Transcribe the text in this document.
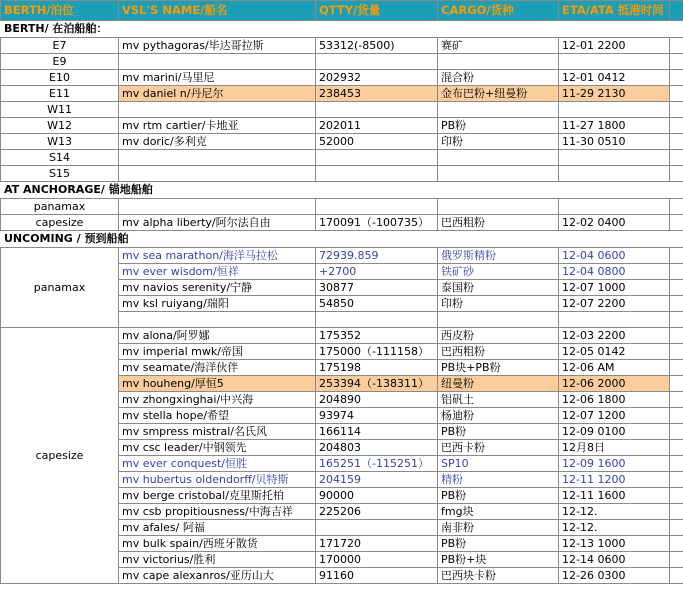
BERTH/泊位	VSL'S NAME/船名	QTTY/货量	CARGO/货种	ETA/ATA 抵港时间	
BERTH/ 在泊船舶：					
E7	mv pythagoras/毕达哥拉斯	53312(-8500)	赛矿	12-01 2200	
E9					
E10	mv marini/马里尼	202932	混合粉	12-01 0412	
E11	mv daniel n/丹尼尔	238453	金布巴粉+纽曼粉	11-29 2130	
W11					
W12	mv rtm cartier/卡地亚	202011	PB粉	11-27 1800	
W13	mv doric/多利克	52000	印粉	11-30 0510	
S14					
S15					
AT ANCHORAGE/ 锚地船舶					
panamax					
capesize	mv alpha liberty/阿尔法自由	170091（-100735）	巴西粗粉	12-02 0400	
UNCOMING / 预到船舶					
panamax	mv sea marathon/海洋马拉松	72939.859	俄罗斯精粉	12-04 0600	
	mv ever wisdom/恒祥	+2700	铁矿砂	12-04 0800	
	mv navios serenity/宁静	30877	泰国粉	12-07 1000	
	mv ksl ruiyang/瑞阳	54850	印粉	12-07 2200	

capesize	mv alona/阿罗娜	175352	西皮粉	12-03 2200	
	mv imperial mwk/帝国	175000（-111158）	巴西粗粉	12-05 0142	
	mv seamate/海洋伙伴	175198	PB块+PB粉	12-06 AM	
	mv houheng/厚恒5	253394（-138311）	纽曼粉	12-06 2000	
	mv zhongxinghai/中兴海	204890	铝矾土	12-06 1800	
	mv stella hope/希望	93974	杨迪粉	12-07 1200	
	mv smpress mistral/名氏风	166114	PB粉	12-09 0100	
	mv csc leader/中钢领先	204803	巴西卡粉	12月8日	
	mv ever conquest/恒胜	165251（-115251）	SP10	12-09 1600	
	mv hubertus oldendorff/贝特斯	204159	精粉	12-11 1200	
	mv berge cristobal/克里斯托柏	90000	PB粉	12-11 1600	
	mv csb propitiousness/中海吉祥	225206	fmg块	12-12.	
	mv afales/ 阿福		南非粉	12-12.	
	mv bulk spain/西班牙散货	171720	PB粉	12-13 1000	
	mv victorius/胜利	170000	PB粉+块	12-14 0600	
	mv cape alexanros/亚历山大	91160	巴西块卡粉	12-26 0300	
